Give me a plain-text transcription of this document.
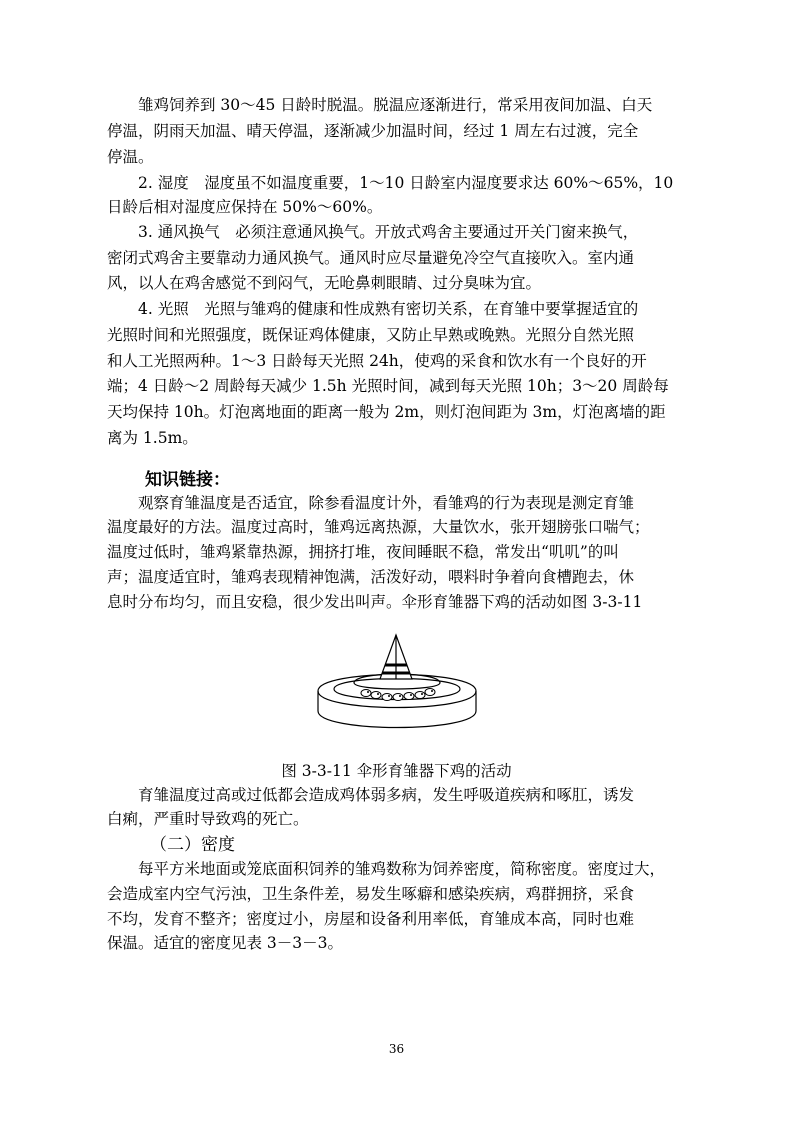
　　雏鸡饲养到 30～45 日龄时脱温。脱温应逐渐进行，常采用夜间加温、白天
停温，阴雨天加温、晴天停温，逐渐减少加温时间，经过 1 周左右过渡，完全
停温。
　　2. 湿度　湿度虽不如温度重要，1～10 日龄室内湿度要求达 60%～65%，10
日龄后相对湿度应保持在 50%～60%。
　　3. 通风换气　必须注意通风换气。开放式鸡舍主要通过开关门窗来换气，
密闭式鸡舍主要靠动力通风换气。通风时应尽量避免冷空气直接吹入。室内通
风，以人在鸡舍感觉不到闷气，无呛鼻刺眼睛、过分臭味为宜。
　　4. 光照　光照与雏鸡的健康和性成熟有密切关系，在育雏中要掌握适宜的
光照时间和光照强度，既保证鸡体健康，又防止早熟或晚熟。光照分自然光照
和人工光照两种。1～3 日龄每天光照 24h，使鸡的采食和饮水有一个良好的开
端；4 日龄～2 周龄每天减少 1.5h 光照时间，减到每天光照 10h；3～20 周龄每
天均保持 10h。灯泡离地面的距离一般为 2m，则灯泡间距为 3m，灯泡离墙的距
离为 1.5m。
知识链接：
　　观察育雏温度是否适宜，除参看温度计外，看雏鸡的行为表现是测定育雏
温度最好的方法。温度过高时，雏鸡远离热源，大量饮水，张开翅膀张口喘气；
温度过低时，雏鸡紧靠热源，拥挤打堆，夜间睡眠不稳，常发出“叽叽”的叫
声；温度适宜时，雏鸡表现精神饱满，活泼好动，喂料时争着向食槽跑去，休
息时分布均匀，而且安稳，很少发出叫声。伞形育雏器下鸡的活动如图 3-3-11
图 3-3-11 伞形育雏器下鸡的活动
　　育雏温度过高或过低都会造成鸡体弱多病，发生呼吸道疾病和啄肛，诱发
白痢，严重时导致鸡的死亡。
（二）密度
　　每平方米地面或笼底面积饲养的雏鸡数称为饲养密度，简称密度。密度过大，
会造成室内空气污浊，卫生条件差，易发生啄癖和感染疾病，鸡群拥挤，采食
不均，发育不整齐；密度过小，房屋和设备利用率低，育雏成本高，同时也难
保温。适宜的密度见表 3－3－3。
36
